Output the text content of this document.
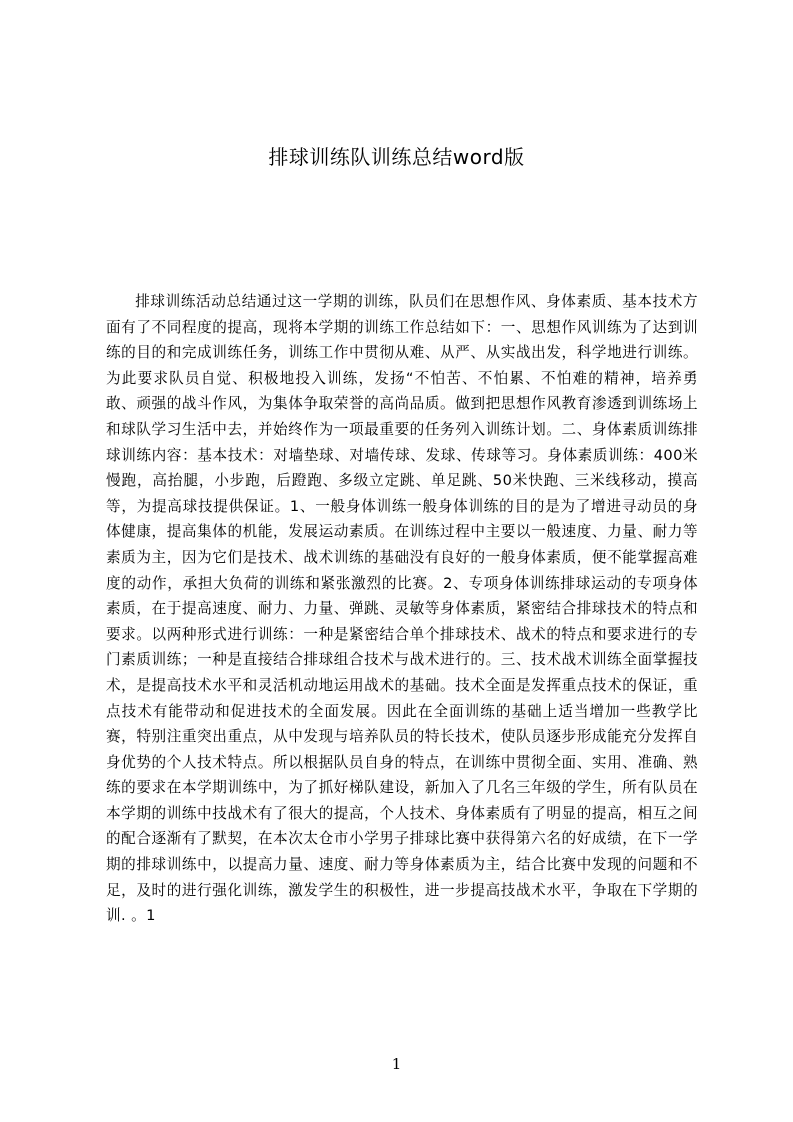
排球训练队训练总结word版

排球训练活动总结通过这一学期的训练，队员们在思想作风、身体素质、基本技术方面有了不同程度的提高，现将本学期的训练工作总结如下：一、思想作风训练为了达到训练的目的和完成训练任务，训练工作中贯彻从难、从严、从实战出发，科学地进行训练。为此要求队员自觉、积极地投入训练，发扬“不怕苦、不怕累、不怕难的精神，培养勇敢、顽强的战斗作风，为集体争取荣誉的高尚品质。做到把思想作风教育渗透到训练场上和球队学习生活中去，并始终作为一项最重要的任务列入训练计划。二、身体素质训练排球训练内容：基本技术：对墙垫球、对墙传球、发球、传球等习。身体素质训练：400米慢跑，高抬腿，小步跑，后蹬跑、多级立定跳、单足跳、50米快跑、三米线移动，摸高等，为提高球技提供保证。1、一般身体训练一般身体训练的目的是为了增进寻动员的身体健康，提高集体的机能，发展运动素质。在训练过程中主要以一般速度、力量、耐力等素质为主，因为它们是技术、战术训练的基础没有良好的一般身体素质，便不能掌握高难度的动作，承担大负荷的训练和紧张激烈的比赛。2、专项身体训练排球运动的专项身体素质，在于提高速度、耐力、力量、弹跳、灵敏等身体素质，紧密结合排球技术的特点和要求。以两种形式进行训练：一种是紧密结合单个排球技术、战术的特点和要求进行的专门素质训练；一种是直接结合排球组合技术与战术进行的。三、技术战术训练全面掌握技术，是提高技术水平和灵活机动地运用战术的基础。技术全面是发挥重点技术的保证，重点技术有能带动和促进技术的全面发展。因此在全面训练的基础上适当增加一些教学比赛，特别注重突出重点，从中发现与培养队员的特长技术，使队员逐步形成能充分发挥自身优势的个人技术特点。所以根据队员自身的特点，在训练中贯彻全面、实用、准确、熟练的要求在本学期训练中，为了抓好梯队建设，新加入了几名三年级的学生，所有队员在本学期的训练中技战术有了很大的提高，个人技术、身体素质有了明显的提高，相互之间的配合逐渐有了默契，在本次太仓市小学男子排球比赛中获得第六名的好成绩，在下一学期的排球训练中，以提高力量、速度、耐力等身体素质为主，结合比赛中发现的问题和不足，及时的进行强化训练，激发学生的积极性，进一步提高技战术水平，争取在下学期的训. 。1

1
